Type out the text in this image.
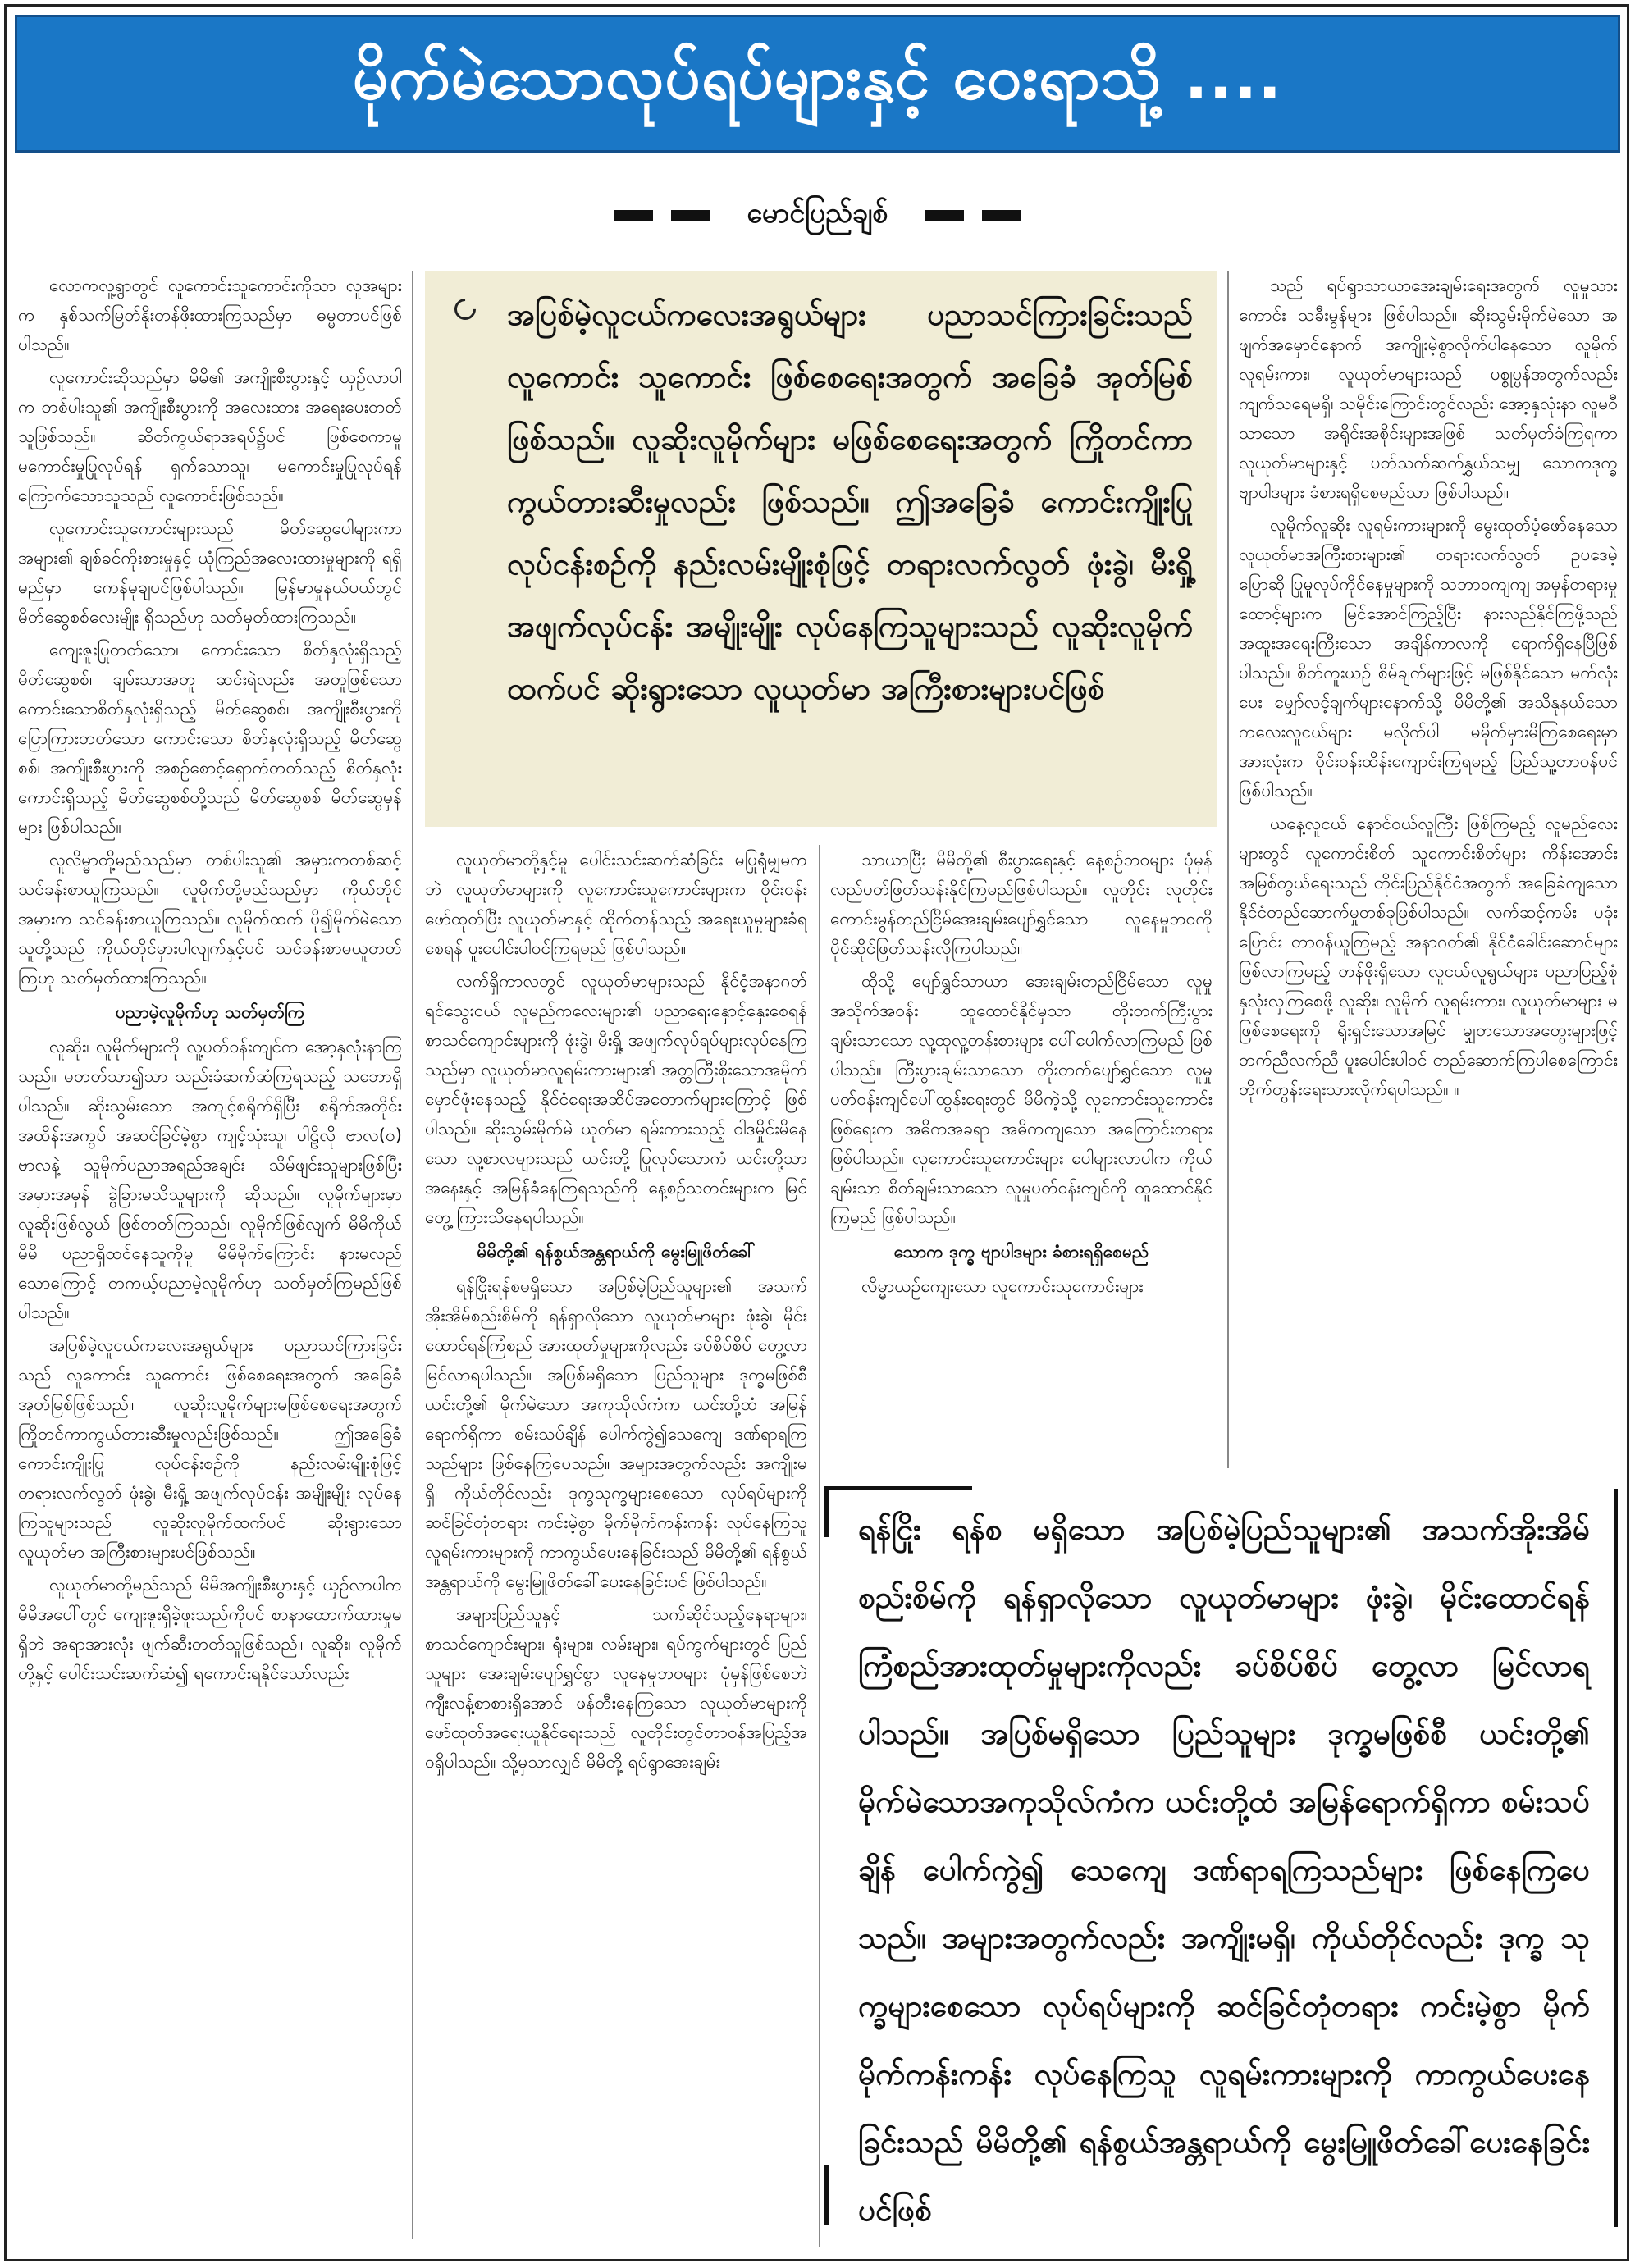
မိုက်မဲသောလုပ်ရပ်များနှင့် ဝေးရာသို့ ....
မောင်ပြည်ချစ်

အပြစ်မဲ့လူငယ်ကလေးအရွယ်များ ပညာသင်ကြားခြင်းသည် လူကောင်း သူကောင်း ဖြစ်စေရေးအတွက် အခြေခံ အုတ်မြစ်ဖြစ်သည်။ လူဆိုးလူမိုက်များ မဖြစ်စေရေးအတွက် ကြိုတင်ကာကွယ်တားဆီးမှုလည်း ဖြစ်သည်။ ဤအခြေခံ ကောင်းကျိုးပြု လုပ်ငန်းစဉ်ကို နည်းလမ်းမျိုးစုံဖြင့် တရားလက်လွတ် ဖုံးခွဲ၊ မီးရှို့ အဖျက်လုပ်ငန်း အမျိုးမျိုး လုပ်နေကြသူများသည် လူဆိုးလူမိုက်ထက်ပင် ဆိုးရွားသော လူယုတ်မာ အကြီးစားများပင်ဖြစ်

လောကလူ့ရွာတွင် လူကောင်းသူကောင်းကိုသာ လူအများက နှစ်သက်မြတ်နိုးတန်ဖိုးထားကြသည်မှာ ဓမ္မတာပင်ဖြစ်ပါသည်။

လူကောင်းဆိုသည်မှာ မိမိ၏ အကျိုးစီးပွားနှင့် ယှဉ်လာပါက တစ်ပါးသူ၏ အကျိုးစီးပွားကို အလေးထား အရေးပေးတတ်သူဖြစ်သည်။ ဆိတ်ကွယ်ရာအရပ်၌ပင် ဖြစ်စေကာမူ မကောင်းမှုပြုလုပ်ရန် ရှက်သောသူ၊ မကောင်းမှုပြုလုပ်ရန် ကြောက်သောသူသည် လူကောင်းဖြစ်သည်။

လူကောင်းသူကောင်းများသည် မိတ်ဆွေပေါများကာ အများ၏ ချစ်ခင်ကိုးစားမှုနှင့် ယုံကြည်အလေးထားမှုများကို ရရှိမည်မှာ ကေန်မုချပင်ဖြစ်ပါသည်။ မြန်မာမှုနယ်ပယ်တွင် မိတ်ဆွေစစ်လေးမျိုး ရှိသည်ဟု သတ်မှတ်ထားကြသည်။

ကျေးဇူးပြုတတ်သော၊ ကောင်းသော စိတ်နှလုံးရှိသည့် မိတ်ဆွေစစ်၊ ချမ်းသာအတူ ဆင်းရဲလည်း အတူဖြစ်သော ကောင်းသောစိတ်နှလုံးရှိသည့် မိတ်ဆွေစစ်၊ အကျိုးစီးပွားကို ပြောကြားတတ်သော ကောင်းသော စိတ်နှလုံးရှိသည့် မိတ်ဆွေစစ်၊ အကျိုးစီးပွားကို အစဉ်စောင့်ရှောက်တတ်သည့် စိတ်နှလုံးကောင်းရှိသည့် မိတ်ဆွေစစ်တို့သည် မိတ်ဆွေစစ် မိတ်ဆွေမှန်များ ဖြစ်ပါသည်။

လူလိမ္မာတို့မည်သည်မှာ တစ်ပါးသူ၏ အမှားကတစ်ဆင့် သင်ခန်းစာယူကြသည်။ လူမိုက်တို့မည်သည်မှာ ကိုယ်တိုင်အမှားက သင်ခန်းစာယူကြသည်။ လူမိုက်ထက် ပို၍မိုက်မဲသောသူတို့သည် ကိုယ်တိုင်မှားပါလျက်နှင့်ပင် သင်ခန်းစာမယူတတ်ကြဟု သတ်မှတ်ထားကြသည်။

ပညာမဲ့လူမိုက်ဟု သတ်မှတ်ကြ

လူဆိုး၊ လူမိုက်များကို လူ့ပတ်ဝန်းကျင်က အော့နှလုံးနာကြသည်။ မတတ်သာ၍သာ သည်းခံဆက်ဆံကြရသည့် သဘောရှိပါသည်။ ဆိုးသွမ်းသော အကျင့်စရိုက်ရှိပြီး စရိုက်အတိုင်း အထိန်းအကွပ် အဆင်ခြင်မဲ့စွာ ကျင့်သုံးသူ၊ ပါဠိလို ဗာလ(ဝ) ဗာလနဲ့ သူမိုက်ပညာအရည်အချင်း သိမ်ဖျင်းသူများဖြစ်ပြီး အမှားအမှန် ခွဲခြားမသိသူများကို ဆိုသည်။ လူမိုက်များမှာ လူဆိုးဖြစ်လွယ် ဖြစ်တတ်ကြသည်။ လူမိုက်ဖြစ်လျက် မိမိကိုယ်မိမိ ပညာရှိထင်နေသူကိုမူ မိမိမိုက်ကြောင်း နားမလည်သောကြောင့် တကယ့်ပညာမဲ့လူမိုက်ဟု သတ်မှတ်ကြမည်ဖြစ်ပါသည်။

အပြစ်မဲ့လူငယ်ကလေးအရွယ်များ ပညာသင်ကြားခြင်းသည် လူကောင်း သူကောင်း ဖြစ်စေရေးအတွက် အခြေခံအုတ်မြစ်ဖြစ်သည်။ လူဆိုးလူမိုက်များမဖြစ်စေရေးအတွက်ကြိုတင်ကာကွယ်တားဆီးမှုလည်းဖြစ်သည်။ ဤအခြေခံ ကောင်းကျိုးပြု လုပ်ငန်းစဉ်ကို နည်းလမ်းမျိုးစုံဖြင့် တရားလက်လွတ် ဖုံးခွဲ၊ မီးရှို့ အဖျက်လုပ်ငန်း အမျိုးမျိုး လုပ်နေကြသူများသည် လူဆိုးလူမိုက်ထက်ပင် ဆိုးရွားသော လူယုတ်မာ အကြီးစားများပင်ဖြစ်သည်။

လူယုတ်မာတို့မည်သည် မိမိအကျိုးစီးပွားနှင့် ယှဉ်လာပါက မိမိအပေါ်တွင် ကျေးဇူးရှိခဲ့ဖူးသည်ကိုပင် စာနာထောက်ထားမှုမရှိဘဲ အရာအားလုံး ဖျက်ဆီးတတ်သူဖြစ်သည်။ လူဆိုး၊ လူမိုက်တို့နှင့် ပေါင်းသင်းဆက်ဆံ၍ ရကောင်းရနိုင်သော်လည်း

လူယုတ်မာတို့နှင့်မူ ပေါင်းသင်းဆက်ဆံခြင်း မပြုရုံမျှမကဘဲ လူယုတ်မာများကို လူကောင်းသူကောင်းများက ဝိုင်းဝန်းဖော်ထုတ်ပြီး လူယုတ်မာနှင့် ထိုက်တန်သည့် အရေးယူမှုများခံရစေရန် ပူးပေါင်းပါဝင်ကြရမည် ဖြစ်ပါသည်။

လက်ရှိကာလတွင် လူယုတ်မာများသည် နိုင်ငံ့အနာဂတ် ရင်သွေးငယ် လူမည်ကလေးများ၏ ပညာရေးနှောင့်နှေးစေရန် စာသင်ကျောင်းများကို ဖုံးခွဲ၊ မီးရှို့ အဖျက်လုပ်ရပ်များလုပ်နေကြသည်မှာ လူယုတ်မာလူရမ်းကားများ၏ အတ္တကြီးစိုးသောအမိုက်မှောင်ဖုံးနေသည့် နိုင်ငံရေးအဆိပ်အတောက်များကြောင့် ဖြစ်ပါသည်။ ဆိုးသွမ်းမိုက်မဲ ယုတ်မာ ရမ်းကားသည့် ဝါဒမှိုင်းမိနေသော လူ့စာလများသည် ယင်းတို့ ပြုလုပ်သောကံ ယင်းတို့သာ အနေးနှင့် အမြန်ခံနေကြရသည်ကို နေ့စဉ်သတင်းများက မြင်တွေ့ ကြားသိနေရပါသည်။

မိမိတို့၏ ရန်စွယ်အန္တရာယ်ကို မွေးမြူဖိတ်ခေါ်

ရန်ငြိုးရန်စမရှိသော အပြစ်မဲ့ပြည်သူများ၏ အသက်အိုးအိမ်စည်းစိမ်ကို ရန်ရှာလိုသော လူယုတ်မာများ ဖုံးခွဲ၊ မိုင်းထောင်ရန်ကြံစည် အားထုတ်မှုများကိုလည်း ခပ်စိပ်စိပ် တွေ့လာမြင်လာရပါသည်။ အပြစ်မရှိသော ပြည်သူများ ဒုက္ခမဖြစ်စီ ယင်းတို့၏ မိုက်မဲသော အကုသိုလ်ကံက ယင်းတို့ထံ အမြန်ရောက်ရှိကာ စမ်းသပ်ချိန် ပေါက်ကွဲ၍သေကျေ ဒဏ်ရာရကြသည်များ ဖြစ်နေကြပေသည်။ အများအတွက်လည်း အကျိုးမရှိ၊ ကိုယ်တိုင်လည်း ဒုက္ခသုက္ခများစေသော လုပ်ရပ်များကို ဆင်ခြင်တုံတရား ကင်းမဲ့စွာ မိုက်မိုက်ကန်းကန်း လုပ်နေကြသူ လူရမ်းကားများကို ကာကွယ်ပေးနေခြင်းသည် မိမိတို့၏ ရန်စွယ်အန္တရာယ်ကို မွေးမြူဖိတ်ခေါ်ပေးနေခြင်းပင် ဖြစ်ပါသည်။

အများပြည်သူနှင့် သက်ဆိုင်သည့်နေရာများ၊ စာသင်ကျောင်းများ၊ ရုံးများ၊ လမ်းများ၊ ရပ်ကွက်များတွင် ပြည်သူများ အေးချမ်းပျော်ရွှင်စွာ လူနေမှုဘဝများ ပုံမှန်ဖြစ်စေဘဲ ကျီးလန့်စာစားရှိအောင် ဖန်တီးနေကြသော လူယုတ်မာများကို ဖော်ထုတ်အရေးယူနိုင်ရေးသည် လူတိုင်းတွင်တာဝန်အပြည့်အဝရှိပါသည်။ သို့မှသာလျှင် မိမိတို့ ရပ်ရွာအေးချမ်း

သာယာပြီး မိမိတို့၏ စီးပွားရေးနှင့် နေ့စဉ်ဘဝများ ပုံမှန်လည်ပတ်ဖြတ်သန်းနိုင်ကြမည်ဖြစ်ပါသည်။ လူတိုင်း လူတိုင်း ကောင်းမွန်တည်ငြိမ်အေးချမ်းပျော်ရွှင်သော လူနေမှုဘဝကို ပိုင်ဆိုင်ဖြတ်သန်းလိုကြပါသည်။

ထိုသို့ ပျော်ရွှင်သာယာ အေးချမ်းတည်ငြိမ်သော လူမှုအသိုက်အဝန်း ထူထောင်နိုင်မှသာ တိုးတက်ကြီးပွားချမ်းသာသော လူ့ထုလူ့တန်းစားများ ပေါ်ပေါက်လာကြမည် ဖြစ်ပါသည်။ ကြီးပွားချမ်းသာသော တိုးတက်ပျော်ရွှင်သော လူမှုပတ်ဝန်းကျင်ပေါ်ထွန်းရေးတွင် မိမိကဲ့သို့ လူကောင်းသူကောင်းဖြစ်ရေးက အဓိကအခရာ အဓိကကျသော အကြောင်းတရားဖြစ်ပါသည်။ လူကောင်းသူကောင်းများ ပေါများလာပါက ကိုယ်ချမ်းသာ စိတ်ချမ်းသာသော လူမှုပတ်ဝန်းကျင်ကို ထူထောင်နိုင်ကြမည် ဖြစ်ပါသည်။

သောက ဒုက္ခ ဗျာပါဒများ ခံစားရရှိစေမည်

လိမ္မာယဉ်ကျေးသော လူကောင်းသူကောင်းများ

သည် ရပ်ရွာသာယာအေးချမ်းရေးအတွက် လူမှုသားကောင်း သခီးမွန်များ ဖြစ်ပါသည်။ ဆိုးသွမ်းမိုက်မဲသော အဖျက်အမှောင်နောက် အကျိုးမဲ့စွာလိုက်ပါနေသော လူမိုက်လူရမ်းကား၊ လူယုတ်မာများသည် ပစ္စုပ္ပန်အတွက်လည်း ကျက်သရေမရှိ၊ သမိုင်းကြောင်းတွင်လည်း အော့နှလုံးနာ လူမဝီသာသော အရိုင်းအစိုင်းများအဖြစ် သတ်မှတ်ခံကြရကာ လူယုတ်မာများနှင့် ပတ်သက်ဆက်နွှယ်သမျှ သောကဒုက္ခ ဗျာပါဒများ ခံစားရရှိစေမည်သာ ဖြစ်ပါသည်။

လူမိုက်လူဆိုး လူရမ်းကားများကို မွေးထုတ်ပံ့ဖော်နေသော လူယုတ်မာအကြီးစားများ၏ တရားလက်လွတ် ဥပဒေမဲ့ ပြောဆို ပြုမူလုပ်ကိုင်နေမှုများကို သဘာဝကျကျ အမှန်တရားမှုထောင့်များက မြင်အောင်ကြည့်ပြီး နားလည်နိုင်ကြဖို့သည် အထူးအရေးကြီးသော အချိန်ကာလကို ရောက်ရှိနေပြီဖြစ်ပါသည်။ စိတ်ကူးယဉ် စိမ်ချက်များဖြင့် မဖြစ်နိုင်သော မက်လုံးပေး မျှော်လင့်ချက်များနောက်သို့ မိမိတို့၏ အသိနုနယ်သော ကလေးလူငယ်များ မလိုက်ပါ မမိုက်မှားမိကြစေရေးမှာ အားလုံးက ဝိုင်းဝန်းထိန်းကျောင်းကြရမည့် ပြည်သူ့တာဝန်ပင် ဖြစ်ပါသည်။

ယနေ့လူငယ် နောင်ဝယ်လူကြီး ဖြစ်ကြမည့် လူမည်လေးများတွင် လူကောင်းစိတ် သူကောင်းစိတ်များ ကိန်းအောင်းအမြစ်တွယ်ရေးသည် တိုင်းပြည်နိုင်ငံအတွက် အခြေခံကျသော နိုင်ငံတည်ဆောက်မှုတစ်ခုဖြစ်ပါသည်။ လက်ဆင့်ကမ်း ပခုံးပြောင်း တာဝန်ယူကြမည့် အနာဂတ်၏ နိုင်ငံခေါင်းဆောင်များ ဖြစ်လာကြမည့် တန်ဖိုးရှိသော လူငယ်လူရွယ်များ ပညာပြည့်စုံ နှလုံးလှကြစေဖို့ လူဆိုး၊ လူမိုက် လူရမ်းကား၊ လူယုတ်မာများ မဖြစ်စေရေးကို ရိုးရှင်းသောအမြင် မျှတသောအတွေးများဖြင့် တက်ညီလက်ညီ ပူးပေါင်းပါဝင် တည်ဆောက်ကြပါစေကြောင်း တိုက်တွန်းရေးသားလိုက်ရပါသည်။ ။

ရန်ငြိုး ရန်စ မရှိသော အပြစ်မဲ့ပြည်သူများ၏ အသက်အိုးအိမ်စည်းစိမ်ကို ရန်ရှာလိုသော လူယုတ်မာများ ဖုံးခွဲ၊ မိုင်းထောင်ရန်ကြံစည်အားထုတ်မှုများကိုလည်း ခပ်စိပ်စိပ် တွေ့လာ မြင်လာရပါသည်။ အပြစ်မရှိသော ပြည်သူများ ဒုက္ခမဖြစ်စီ ယင်းတို့၏ မိုက်မဲသောအကုသိုလ်ကံက ယင်းတို့ထံ အမြန်ရောက်ရှိကာ စမ်းသပ်ချိန် ပေါက်ကွဲ၍ သေကျေ ဒဏ်ရာရကြသည်များ ဖြစ်နေကြပေသည်။ အများအတွက်လည်း အကျိုးမရှိ၊ ကိုယ်တိုင်လည်း ဒုက္ခ သုက္ခများစေသော လုပ်ရပ်များကို ဆင်ခြင်တုံတရား ကင်းမဲ့စွာ မိုက်မိုက်ကန်းကန်း လုပ်နေကြသူ လူရမ်းကားများကို ကာကွယ်ပေးနေခြင်းသည် မိမိတို့၏ ရန်စွယ်အန္တရာယ်ကို မွေးမြူဖိတ်ခေါ်ပေးနေခြင်းပင်ဖြစ်
